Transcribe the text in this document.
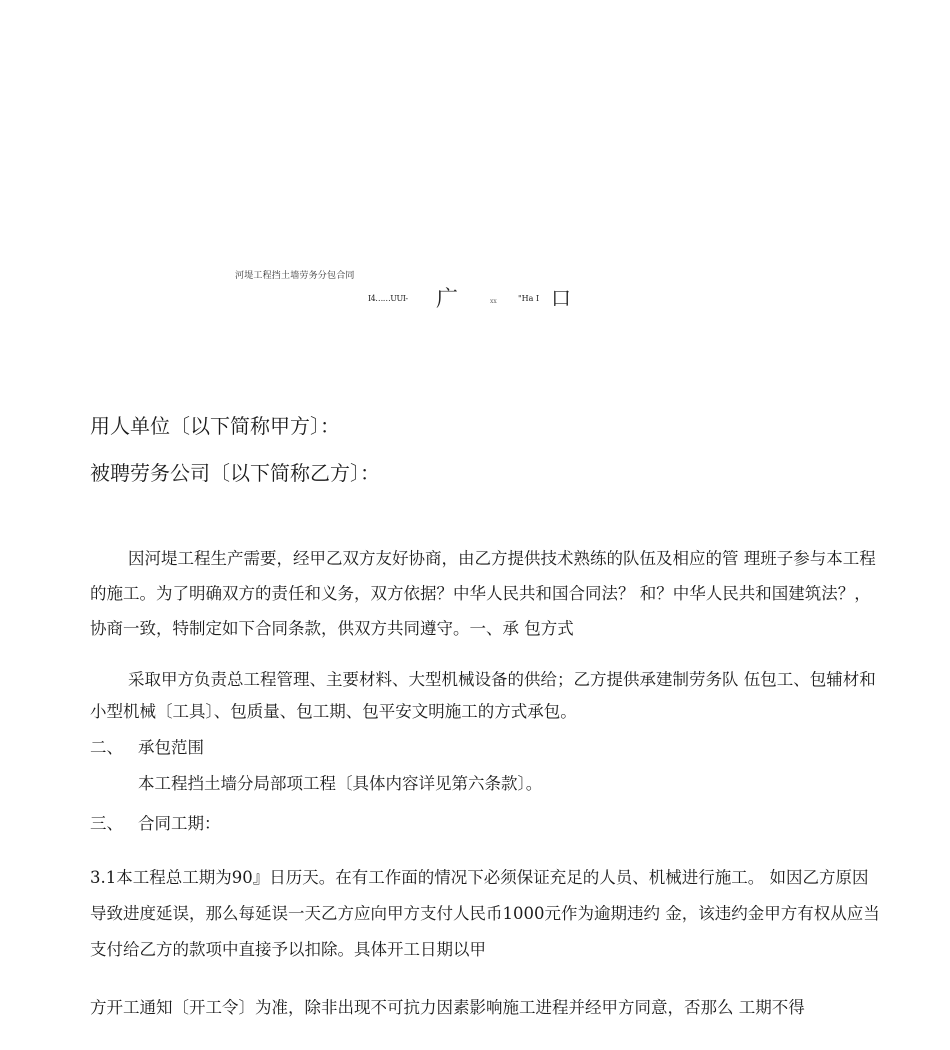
河堤工程挡土墙劳务分包合同
I4……UUI- 广	xx	"Ha I 口
用人单位〔以下简称甲方〕：
被聘劳务公司〔以下简称乙方〕：

因河堤工程生产需要，经甲乙双方友好协商，由乙方提供技术熟练的队伍及相应的管 理班子参与本工程的施工。为了明确双方的责任和义务，双方依据？中华人民共和国合同法？ 和？中华人民共和国建筑法？，协商一致，特制定如下合同条款，供双方共同遵守。一、承 包方式

采取甲方负责总工程管理、主要材料、大型机械设备的供给；乙方提供承建制劳务队 伍包工、包辅材和小型机械〔工具〕、包质量、包工期、包平安文明施工的方式承包。

二、 承包范围
本工程挡土墙分局部项工程〔具体内容详见第六条款〕。
三、 合同工期：

3.1本工程总工期为90』日历天。在有工作面的情况下必须保证充足的人员、机械进行施工。 如因乙方原因导致进度延误，那么每延误一天乙方应向甲方支付人民币1000元作为逾期违约 金，该违约金甲方有权从应当支付给乙方的款项中直接予以扣除。具体开工日期以甲

方开工通知〔开工令〕为准，除非出现不可抗力因素影响施工进程并经甲方同意，否那么 工期不得
